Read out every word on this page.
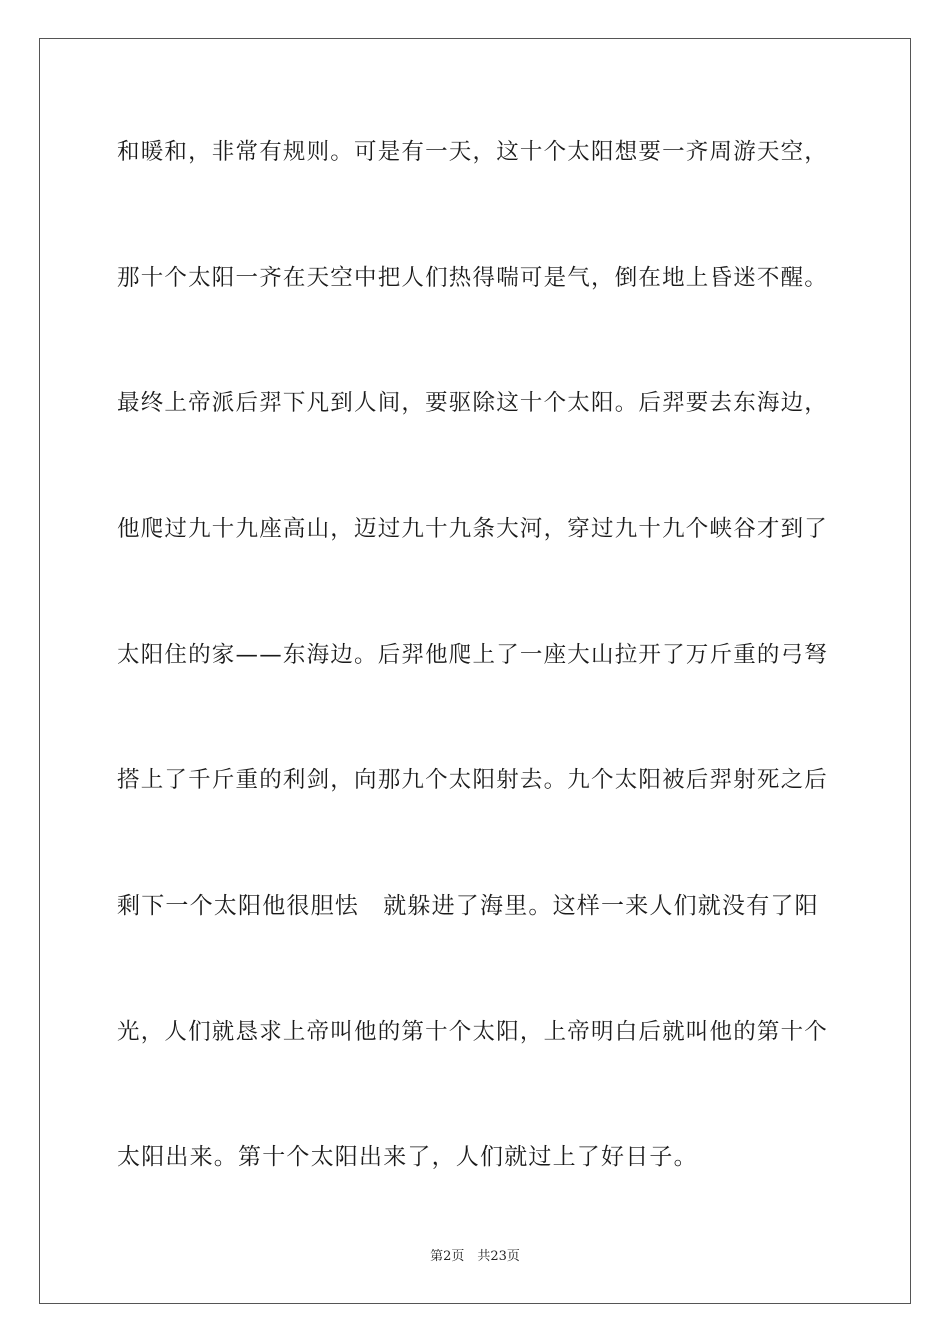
和暖和，非常有规则。可是有一天，这十个太阳想要一齐周游天空，
那十个太阳一齐在天空中把人们热得喘可是气，倒在地上昏迷不醒。
最终上帝派后羿下凡到人间，要驱除这十个太阳。后羿要去东海边，
他爬过九十九座高山，迈过九十九条大河，穿过九十九个峡谷才到了
太阳住的家——东海边。后羿他爬上了一座大山拉开了万斤重的弓弩
搭上了千斤重的利剑，向那九个太阳射去。九个太阳被后羿射死之后
剩下一个太阳他很胆怯　就躲进了海里。这样一来人们就没有了阳
光，人们就恳求上帝叫他的第十个太阳，上帝明白后就叫他的第十个
太阳出来。第十个太阳出来了，人们就过上了好日子。
第2页　共23页
